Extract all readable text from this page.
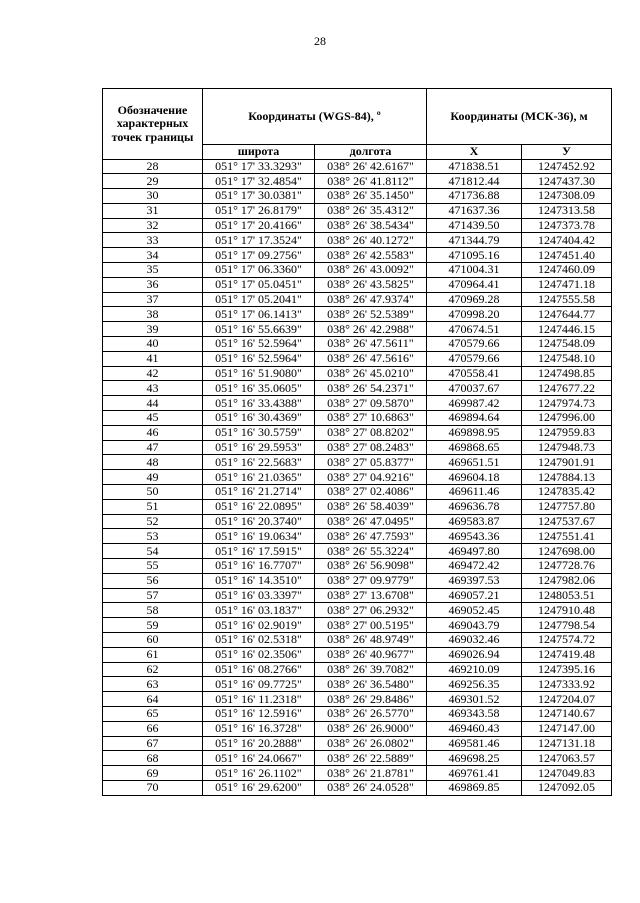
28
Обозначение характерных точек границы	Координаты (WGS-84), º		Координаты (МСК-36), м	
	широта	долгота	X	У
28	051° 17' 33.3293"	038° 26' 42.6167"	471838.51	1247452.92
29	051° 17' 32.4854"	038° 26' 41.8112"	471812.44	1247437.30
30	051° 17' 30.0381"	038° 26' 35.1450"	471736.88	1247308.09
31	051° 17' 26.8179"	038° 26' 35.4312"	471637.36	1247313.58
32	051° 17' 20.4166"	038° 26' 38.5434"	471439.50	1247373.78
33	051° 17' 17.3524"	038° 26' 40.1272"	471344.79	1247404.42
34	051° 17' 09.2756"	038° 26' 42.5583"	471095.16	1247451.40
35	051° 17' 06.3360"	038° 26' 43.0092"	471004.31	1247460.09
36	051° 17' 05.0451"	038° 26' 43.5825"	470964.41	1247471.18
37	051° 17' 05.2041"	038° 26' 47.9374"	470969.28	1247555.58
38	051° 17' 06.1413"	038° 26' 52.5389"	470998.20	1247644.77
39	051° 16' 55.6639"	038° 26' 42.2988"	470674.51	1247446.15
40	051° 16' 52.5964"	038° 26' 47.5611"	470579.66	1247548.09
41	051° 16' 52.5964"	038° 26' 47.5616"	470579.66	1247548.10
42	051° 16' 51.9080"	038° 26' 45.0210"	470558.41	1247498.85
43	051° 16' 35.0605"	038° 26' 54.2371"	470037.67	1247677.22
44	051° 16' 33.4388"	038° 27' 09.5870"	469987.42	1247974.73
45	051° 16' 30.4369"	038° 27' 10.6863"	469894.64	1247996.00
46	051° 16' 30.5759"	038° 27' 08.8202"	469898.95	1247959.83
47	051° 16' 29.5953"	038° 27' 08.2483"	469868.65	1247948.73
48	051° 16' 22.5683"	038° 27' 05.8377"	469651.51	1247901.91
49	051° 16' 21.0365"	038° 27' 04.9216"	469604.18	1247884.13
50	051° 16' 21.2714"	038° 27' 02.4086"	469611.46	1247835.42
51	051° 16' 22.0895"	038° 26' 58.4039"	469636.78	1247757.80
52	051° 16' 20.3740"	038° 26' 47.0495"	469583.87	1247537.67
53	051° 16' 19.0634"	038° 26' 47.7593"	469543.36	1247551.41
54	051° 16' 17.5915"	038° 26' 55.3224"	469497.80	1247698.00
55	051° 16' 16.7707"	038° 26' 56.9098"	469472.42	1247728.76
56	051° 16' 14.3510"	038° 27' 09.9779"	469397.53	1247982.06
57	051° 16' 03.3397"	038° 27' 13.6708"	469057.21	1248053.51
58	051° 16' 03.1837"	038° 27' 06.2932"	469052.45	1247910.48
59	051° 16' 02.9019"	038° 27' 00.5195"	469043.79	1247798.54
60	051° 16' 02.5318"	038° 26' 48.9749"	469032.46	1247574.72
61	051° 16' 02.3506"	038° 26' 40.9677"	469026.94	1247419.48
62	051° 16' 08.2766"	038° 26' 39.7082"	469210.09	1247395.16
63	051° 16' 09.7725"	038° 26' 36.5480"	469256.35	1247333.92
64	051° 16' 11.2318"	038° 26' 29.8486"	469301.52	1247204.07
65	051° 16' 12.5916"	038° 26' 26.5770"	469343.58	1247140.67
66	051° 16' 16.3728"	038° 26' 26.9000"	469460.43	1247147.00
67	051° 16' 20.2888"	038° 26' 26.0802"	469581.46	1247131.18
68	051° 16' 24.0667"	038° 26' 22.5889"	469698.25	1247063.57
69	051° 16' 26.1102"	038° 26' 21.8781"	469761.41	1247049.83
70	051° 16' 29.6200"	038° 26' 24.0528"	469869.85	1247092.05
